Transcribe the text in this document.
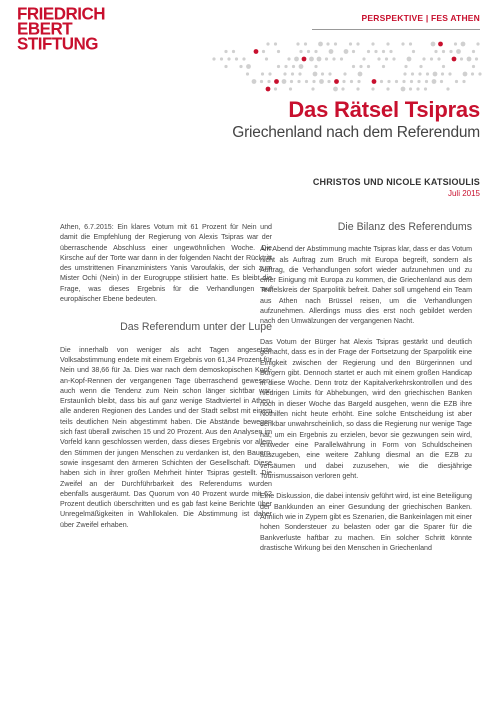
FRIEDRICH
EBERT
STIFTUNG
PERSPEKTIVE | FES ATHEN
Das Rätsel Tsipras
Griechenland nach dem Referendum
CHRISTOS UND NICOLE KATSIOULIS
Juli 2015

Athen, 6.7.2015: Ein klares Votum mit 61 Prozent für Nein und damit die Empfehlung der Regierung von Alexis Tsipras war der überraschende Abschluss einer ungewöhnlichen Woche. Die Kirsche auf der Torte war dann in der folgenden Nacht der Rücktritt des umstrittenen Finanzministers Yanis Varoufakis, der sich zum Mister Ochi (Nein) in der Eurogruppe stilisiert hatte. Es bleibt die Frage, was dieses Ergebnis für die Verhandlungen auf europäischer Ebene bedeuten.

Das Referendum unter der Lupe

Die innerhalb von weniger als acht Tagen angesetzte Volksabstimmung endete mit einem Ergebnis von 61,34 Prozent für Nein und 38,66 für Ja. Dies war nach dem demoskopischen Kopf-an-Kopf-Rennen der vergangenen Tage überraschend gewesen, auch wenn die Tendenz zum Nein schon länger sichtbar war. Erstaunlich bleibt, dass bis auf ganz wenige Stadtviertel in Athen, alle anderen Regionen des Landes und der Stadt selbst mit einem teils deutlichen Nein abgestimmt haben. Die Abstände bewegen sich fast überall zwischen 15 und 20 Prozent. Aus den Analysen im Vorfeld kann geschlossen werden, dass dieses Ergebnis vor allem den Stimmen der jungen Menschen zu verdanken ist, den Bauern, sowie insgesamt den ärmeren Schichten der Gesellschaft. Diese haben sich in ihrer großen Mehrheit hinter Tsipras gestellt. Die Zweifel an der Durchführbarkeit des Referendums wurden ebenfalls ausgeräumt. Das Quorum von 40 Prozent wurde mit 62 Prozent deutlich überschritten und es gab fast keine Berichte über Unregelmäßigkeiten in Wahllokalen. Die Abstimmung ist daher über Zweifel erhaben.

Die Bilanz des Referendums

Am Abend der Abstimmung machte Tsipras klar, dass er das Votum nicht als Auftrag zum Bruch mit Europa begreift, sondern als Auftrag, die Verhandlungen sofort wieder aufzunehmen und zu einer Einigung mit Europa zu kommen, die Griechenland aus dem Teufelskreis der Sparpolitik befreit. Daher soll umgehend ein Team aus Athen nach Brüssel reisen, um die Verhandlungen aufzunehmen. Allerdings muss dies erst noch gebildet werden nach den Umwälzungen der vergangenen Nacht.

Das Votum der Bürger hat Alexis Tsipras gestärkt und deutlich gemacht, dass es in der Frage der Fortsetzung der Sparpolitik eine Einigkeit zwischen der Regierung und den Bürgerinnen und Bürgern gibt. Dennoch startet er auch mit einem großen Handicap in diese Woche. Denn trotz der Kapitalverkehrskontrollen und des niedrigen Limits für Abhebungen, wird den griechischen Banken noch in dieser Woche das Bargeld ausgehen, wenn die EZB ihre Nothilfen nicht heute erhöht. Eine solche Entscheidung ist aber denkbar unwahrscheinlich, so dass die Regierung nur wenige Tage hat, um ein Ergebnis zu erzielen, bevor sie gezwungen sein wird, entweder eine Parallelwährung in Form von Schuldscheinen auszugeben, eine weitere Zahlung diesmal an die EZB zu versäumen und dabei zuzusehen, wie die diesjährige Tourismussaison verloren geht.

Eine Diskussion, die dabei intensiv geführt wird, ist eine Beteiligung der Bankkunden an einer Gesundung der griechischen Banken. Ähnlich wie in Zypern gibt es Szenarien, die Bankeinlagen mit einer hohen Sondersteuer zu belasten oder gar die Sparer für die Bankverluste haftbar zu machen. Ein solcher Schritt könnte drastische Wirkung bei den Menschen in Griechenland
